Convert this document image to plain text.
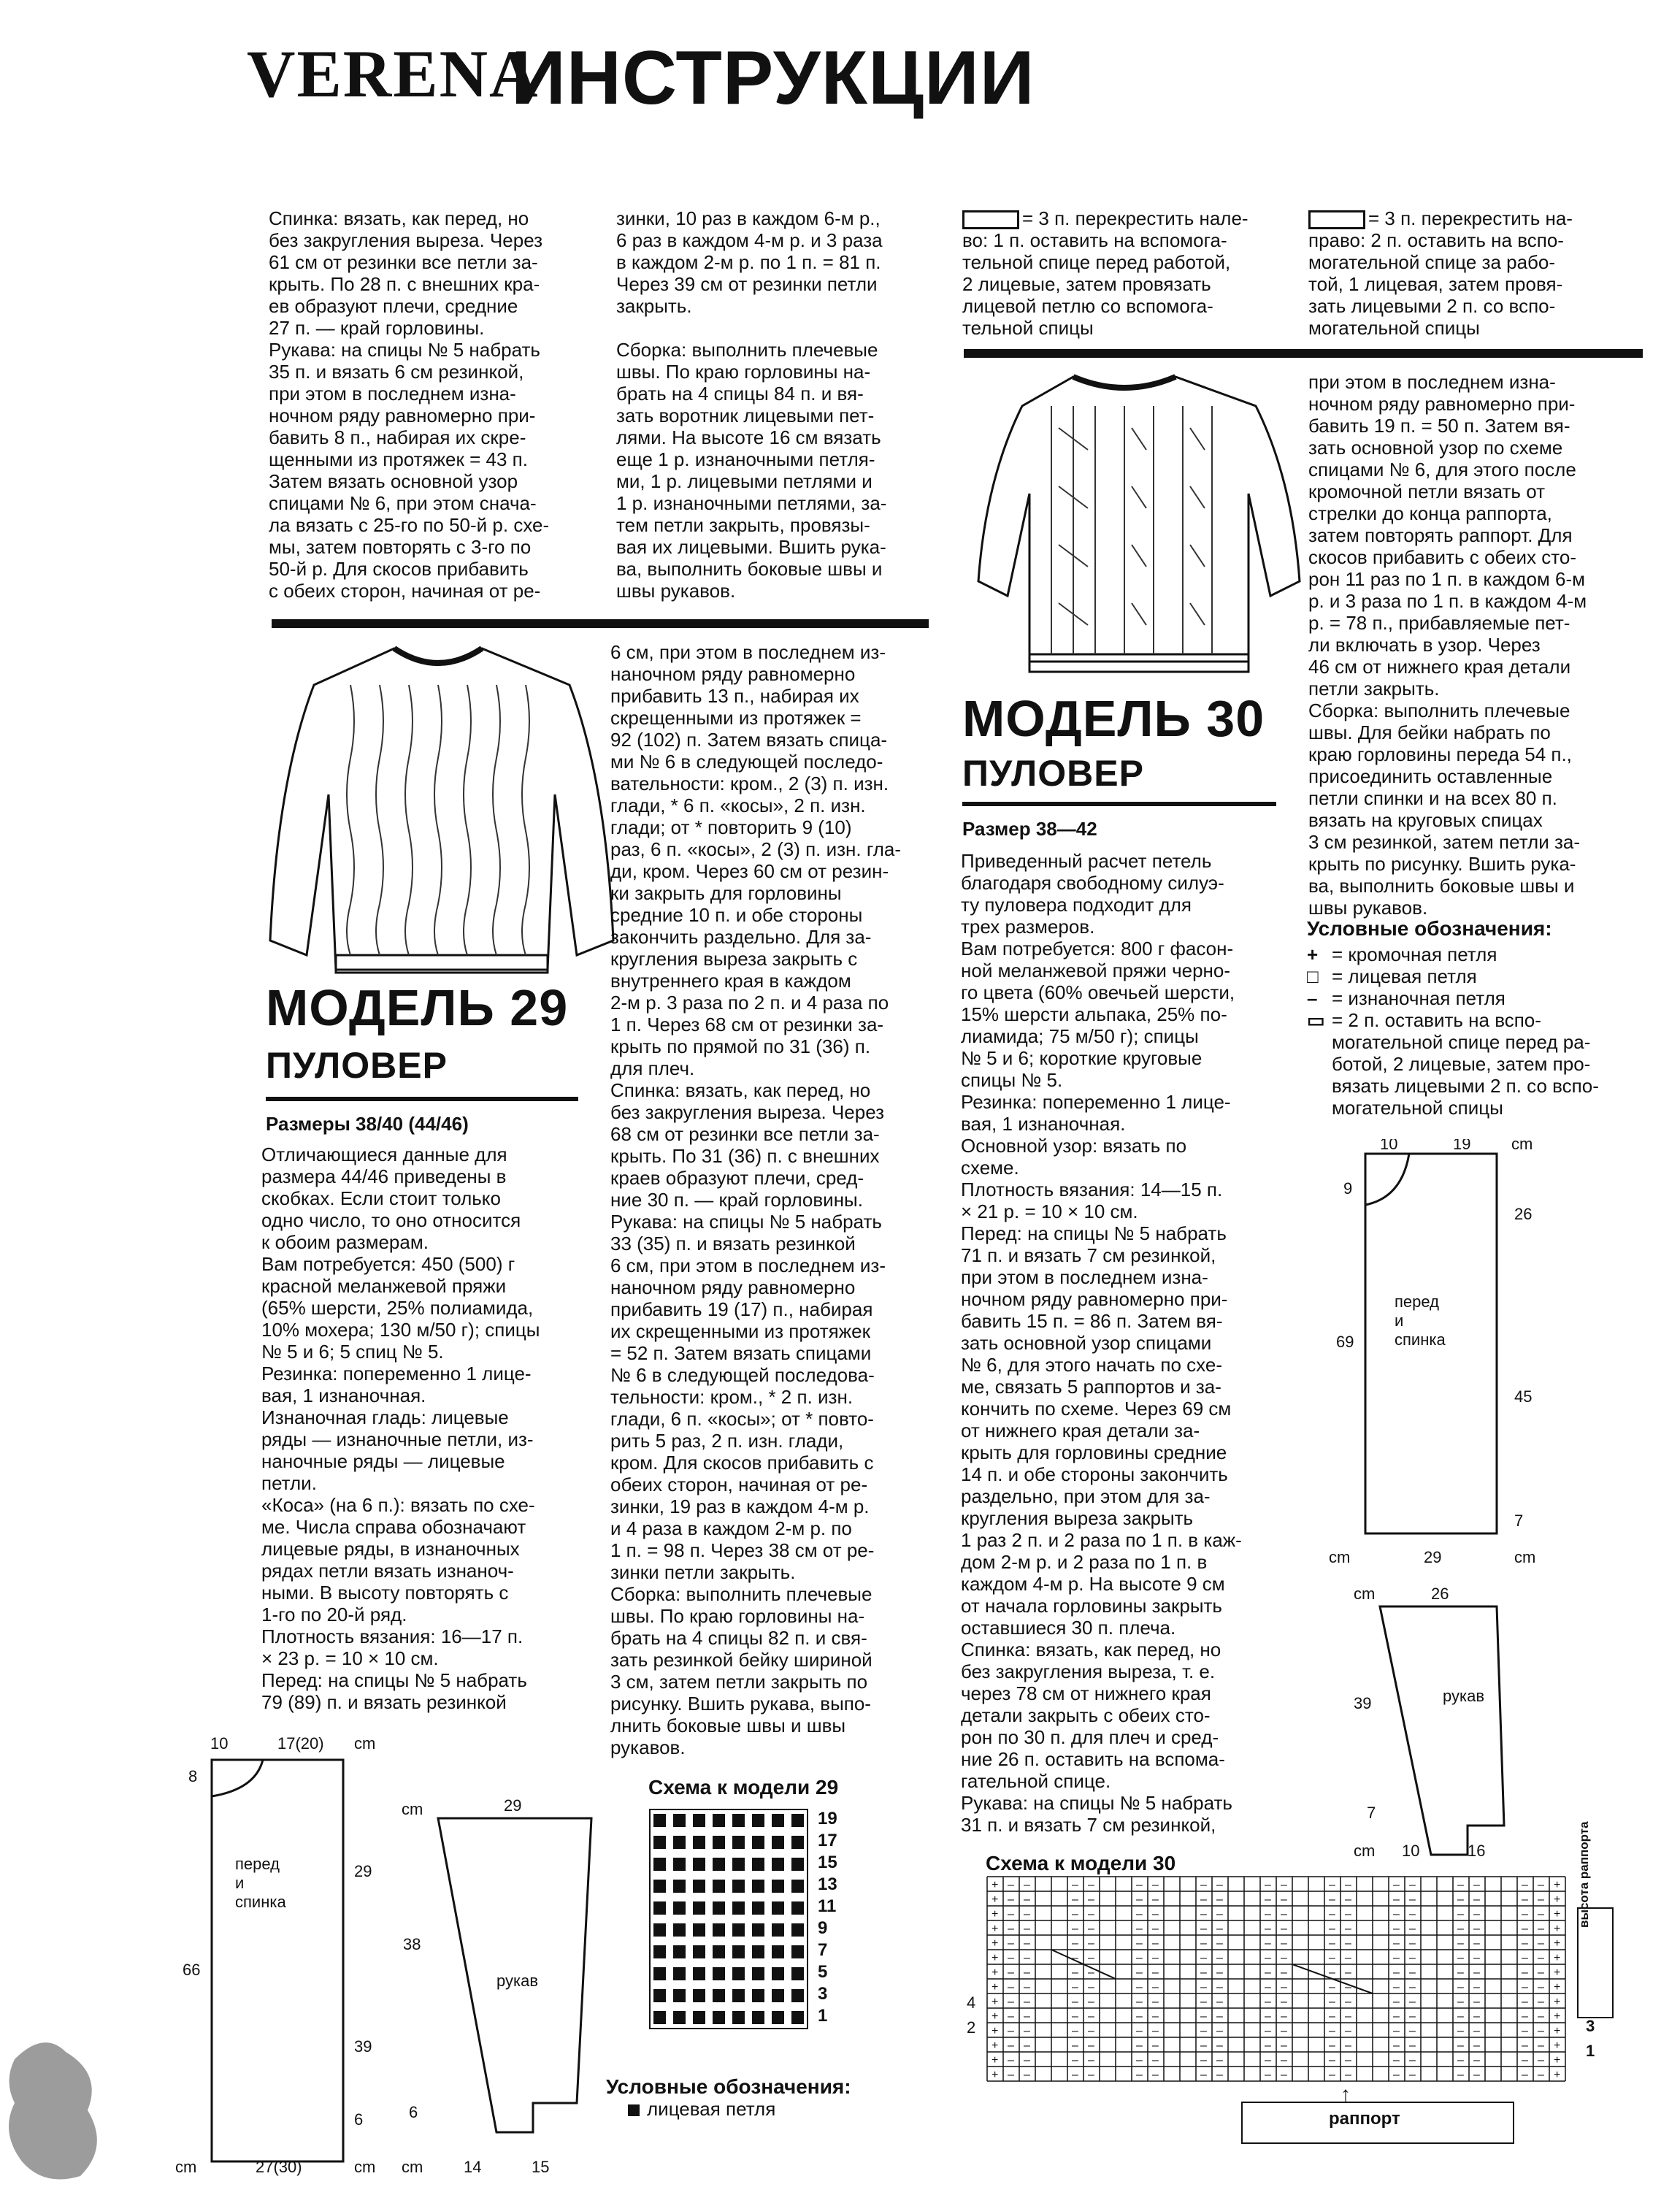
VERENA
ИНСТРУКЦИИ
Спинка: вязать, как перед, но
без закругления выреза. Через
61 см от резинки все петли за-
крыть. По 28 п. с внешних кра-
ев образуют плечи, средние
27 п. — край горловины.
Рукава: на спицы № 5 набрать
35 п. и вязать 6 см резинкой,
при этом в последнем изна-
ночном ряду равномерно при-
бавить 8 п., набирая их скре-
щенными из протяжек = 43 п.
Затем вязать основной узор
спицами № 6, при этом снача-
ла вязать с 25-го по 50-й р. схе-
мы, затем повторять с 3-го по
50-й р. Для скосов прибавить
с обеих сторон, начиная от ре-
зинки, 10 раз в каждом 6-м р.,
6 раз в каждом 4-м р. и 3 раза
в каждом 2-м р. по 1 п. = 81 п.
Через 39 см от резинки петли
закрыть.

Сборка: выполнить плечевые
швы. По краю горловины на-
брать на 4 спицы 84 п. и вя-
зать воротник лицевыми пет-
лями. На высоте 16 см вязать
еще 1 р. изнаночными петля-
ми, 1 р. лицевыми петлями и
1 р. изнаночными петлями, за-
тем петли закрыть, провязы-
вая их лицевыми. Вшить рука-
ва, выполнить боковые швы и
швы рукавов.
= 3 п. перекрестить нале-
во: 1 п. оставить на вспомога-
тельной спице перед работой,
2 лицевые, затем провязать
лицевой петлю со вспомога-
тельной спицы
= 3 п. перекрестить на-
право: 2 п. оставить на вспо-
могательной спице за рабо-
той, 1 лицевая, затем провя-
зать лицевыми 2 п. со вспо-
могательной спицы
МОДЕЛЬ 29
ПУЛОВЕР
Размеры 38/40 (44/46)
Отличающиеся данные для
размера 44/46 приведены в
скобках. Если стоит только
одно число, то оно относится
к обоим размерам.
Вам потребуется: 450 (500) г
красной меланжевой пряжи
(65% шерсти, 25% полиамида,
10% мохера; 130 м/50 г); спицы
№ 5 и 6; 5 спиц № 5.
Резинка: попеременно 1 лице-
вая, 1 изнаночная.
Изнаночная гладь: лицевые
ряды — изнаночные петли, из-
наночные ряды — лицевые
петли.
«Коса» (на 6 п.): вязать по схе-
ме. Числа справа обозначают
лицевые ряды, в изнаночных
рядах петли вязать изнаноч-
ными. В высоту повторять с
1-го по 20-й ряд.
Плотность вязания: 16—17 п.
× 23 р. = 10 × 10 см.
Перед: на спицы № 5 набрать
79 (89) п. и вязать резинкой
6 см, при этом в последнем из-
наночном ряду равномерно
прибавить 13 п., набирая их
скрещенными из протяжек =
92 (102) п. Затем вязать спица-
ми № 6 в следующей последо-
вательности: кром., 2 (3) п. изн.
глади, * 6 п. «косы», 2 п. изн.
глади; от * повторить 9 (10)
раз, 6 п. «косы», 2 (3) п. изн. гла-
ди, кром. Через 60 см от резин-
ки закрыть для горловины
средние 10 п. и обе стороны
закончить раздельно. Для за-
кругления выреза закрыть с
внутреннего края в каждом
2-м р. 3 раза по 2 п. и 4 раза по
1 п. Через 68 см от резинки за-
крыть по прямой по 31 (36) п.
для плеч.
Спинка: вязать, как перед, но
без закругления выреза. Через
68 см от резинки все петли за-
крыть. По 31 (36) п. с внешних
краев образуют плечи, сред-
ние 30 п. — край горловины.
Рукава: на спицы № 5 набрать
33 (35) п. и вязать резинкой
6 см, при этом в последнем из-
наночном ряду равномерно
прибавить 19 (17) п., набирая
их скрещенными из протяжек
= 52 п. Затем вязать спицами
№ 6 в следующей последова-
тельности: кром., * 2 п. изн.
глади, 6 п. «косы»; от * повто-
рить 5 раз, 2 п. изн. глади,
кром. Для скосов прибавить с
обеих сторон, начиная от ре-
зинки, 19 раз в каждом 4-м р.
и 4 раза в каждом 2-м р. по
1 п. = 98 п. Через 38 см от ре-
зинки петли закрыть.
Сборка: выполнить плечевые
швы. По краю горловины на-
брать на 4 спицы 82 п. и свя-
зать резинкой бейку шириной
3 см, затем петли закрыть по
рисунку. Вшить рукава, выпо-
лнить боковые швы и швы
рукавов.
10	17(20) cm
8
29
66
39
6
cm	27(30)	cm
cm	29
38
6
cm	14	15
перед
и
спинка
рукав
Схема к модели 29
19
17
15
13
11
9
7
5
3
1
Условные обозначения:
лицевая петля
МОДЕЛЬ 30
ПУЛОВЕР
Размер 38—42
Приведенный расчет петель
благодаря свободному силуэ-
ту пуловера подходит для
трех размеров.
Вам потребуется: 800 г фасон-
ной меланжевой пряжи черно-
го цвета (60% овечьей шерсти,
15% шерсти альпака, 25% по-
лиамида; 75 м/50 г); спицы
№ 5 и 6; короткие круговые
спицы № 5.
Резинка: попеременно 1 лице-
вая, 1 изнаночная.
Основной узор: вязать по
схеме.
Плотность вязания: 14—15 п.
× 21 р. = 10 × 10 см.
Перед: на спицы № 5 набрать
71 п. и вязать 7 см резинкой,
при этом в последнем изна-
ночном ряду равномерно при-
бавить 15 п. = 86 п. Затем вя-
зать основной узор спицами
№ 6, для этого начать по схе-
ме, связать 5 раппортов и за-
кончить по схеме. Через 69 см
от нижнего края детали за-
крыть для горловины средние
14 п. и обе стороны закончить
раздельно, при этом для за-
кругления выреза закрыть
1 раз 2 п. и 2 раза по 1 п. в каж-
дом 2-м р. и 2 раза по 1 п. в
каждом 4-м р. На высоте 9 см
от начала горловины закрыть
оставшиеся 30 п. плеча.
Спинка: вязать, как перед, но
без закругления выреза, т. е.
через 78 см от нижнего края
детали закрыть с обеих сто-
рон по 30 п. для плеч и сред-
ние 26 п. оставить на вспома-
гательной спице.
Рукава: на спицы № 5 набрать
31 п. и вязать 7 см резинкой,
при этом в последнем изна-
ночном ряду равномерно при-
бавить 19 п. = 50 п. Затем вя-
зать основной узор по схеме
спицами № 6, для этого после
кромочной петли вязать от
стрелки до конца раппорта,
затем повторять раппорт. Для
скосов прибавить с обеих сто-
рон 11 раз по 1 п. в каждом 6-м
р. и 3 раза по 1 п. в каждом 4-м
р. = 78 п., прибавляемые пет-
ли включать в узор. Через
46 см от нижнего края детали
петли закрыть.
Сборка: выполнить плечевые
швы. Для бейки набрать по
краю горловины переда 54 п.,
присоединить оставленные
петли спинки и на всех 80 п.
вязать на круговых спицах
3 см резинкой, затем петли за-
крыть по рисунку. Вшить рука-
ва, выполнить боковые швы и
швы рукавов.
Условные обозначения:
+ = кромочная петля
□ = лицевая петля
– = изнаночная петля
▭ = 2 п. оставить на вспо-
могательной спице перед ра-
ботой, 2 лицевые, затем про-
вязать лицевыми 2 п. со вспо-
могательной спицы
10	19	cm
9
26
69
45
7
cm	29	cm
cm	26
39
7
cm 10	16
перед
и
спинка
рукав
Схема к модели 30
+ – –	– –	– –	– –	– –	– –	– –	– –	– – +
+ – –	– –	– –	– –	– –	– –	– –	– –	– – +
+ – –	– –	– –	– –	– –	– –	– –	– –	– – +
+ – –	– –	– –	– –	– –	– –	– –	– –	– – +
+ – –	– –	– –	– –	– –	– –	– –	– –	– – +
+ – –	– –	– –	– –	– –	– –	– –	– –	– – +
+ – –	– –	– –	– –	– –	– –	– –	– –	– – +
+ – –	– –	– –	– –	– –	– –	– –	– –	– – +
+ – –	– –	– –	– –	– –	– –	– –	– –	– – +
+ – –	– –	– –	– –	– –	– –	– –	– –	– – +
+ – –	– –	– –	– –	– –	– –	– –	– –	– – +
+ – –	– –	– –	– –	– –	– –	– –	– –	– – +
+ – –	– –	– –	– –	– –	– –	– –	– –	– – +
+ – –	– –	– –	– –	– –	– –	– –	– –	– – +
4
2	3
1
высота раппорта
↑
раппорт
